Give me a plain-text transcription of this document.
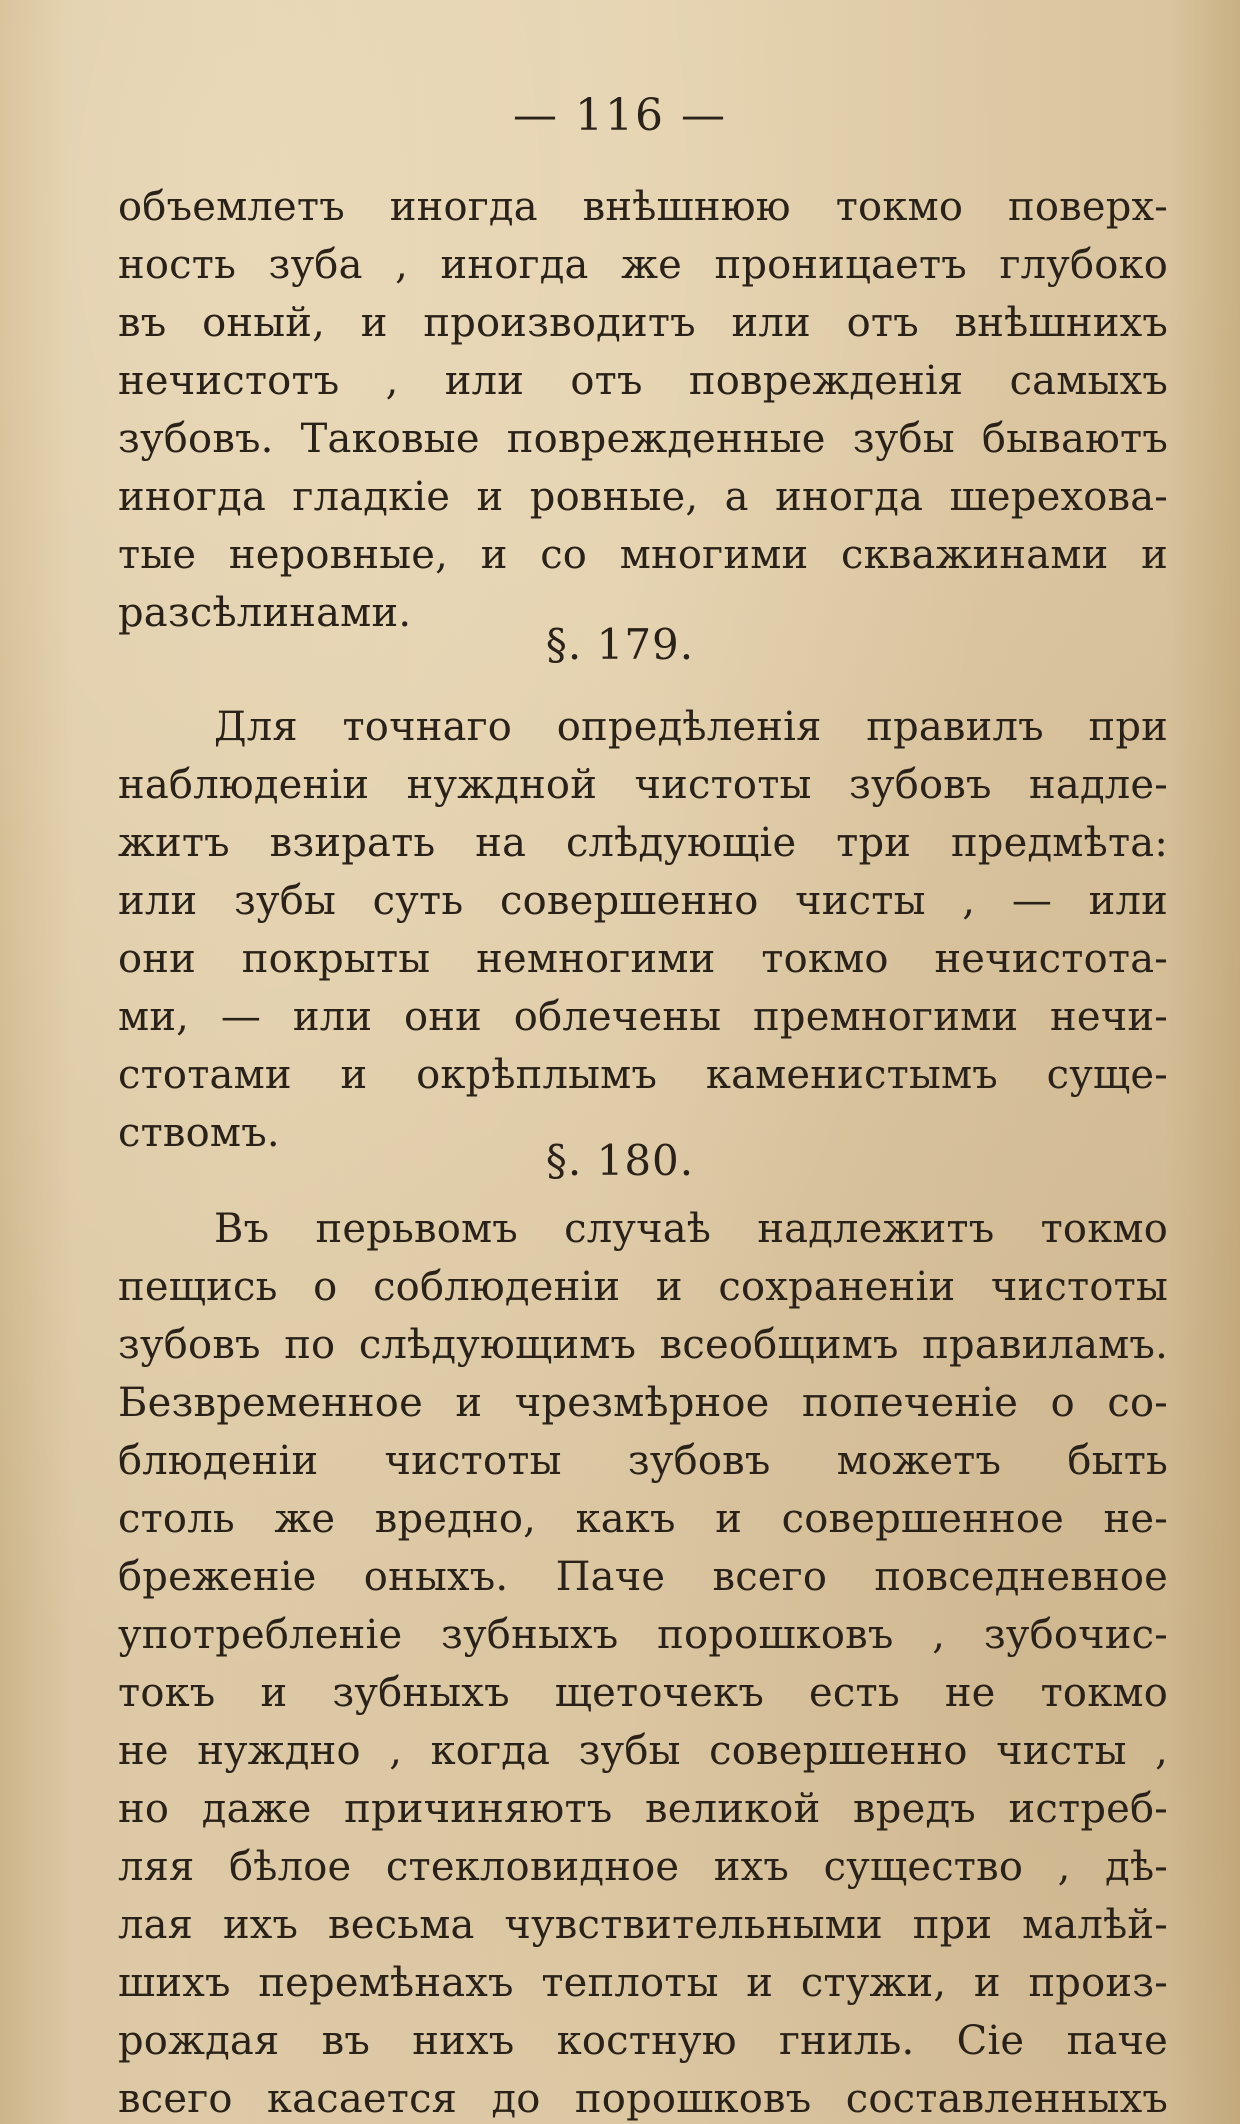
— 116 —
объемлетъ иногда внѣшнюю токмо поверх-
ность зуба , иногда же проницаетъ глубоко
въ оный, и производитъ или отъ внѣшнихъ
нечистотъ , или отъ поврежденія самыхъ
зубовъ. Таковые поврежденные зубы бываютъ
иногда гладкіе и ровные, а иногда шерехова-
тые неровные, и со многими скважинами и
разсѣлинами.
§. 179.
Для точнаго опредѣленія правилъ при
наблюденіи нуждной чистоты зубовъ надле-
житъ взирать на слѣдующіе три предмѣта:
или зубы суть совершенно чисты , — или
они покрыты немногими токмо нечистота-
ми, — или они облечены премногими нечи-
стотами и окрѣплымъ каменистымъ суще-
ствомъ.
§. 180.
Въ перьвомъ случаѣ надлежитъ токмо
пещись о соблюденіи и сохраненіи чистоты
зубовъ по слѣдующимъ всеобщимъ правиламъ.
Безвременное и чрезмѣрное попеченіе о со-
блюденіи чистоты зубовъ можетъ быть
столь же вредно, какъ и совершенное не-
бреженіе оныхъ. Паче всего повседневное
употребленіе зубныхъ порошковъ , зубочис-
токъ и зубныхъ щеточекъ есть не токмо
не нуждно , когда зубы совершенно чисты ,
но даже причиняютъ великой вредъ истреб-
ляя бѣлое стекловидное ихъ существо , дѣ-
лая ихъ весьма чувствительными при малѣй-
шихъ перемѣнахъ теплоты и стужи, и произ-
рождая въ нихъ костную гниль. Сіе паче
всего касается до порошковъ составленныхъ
